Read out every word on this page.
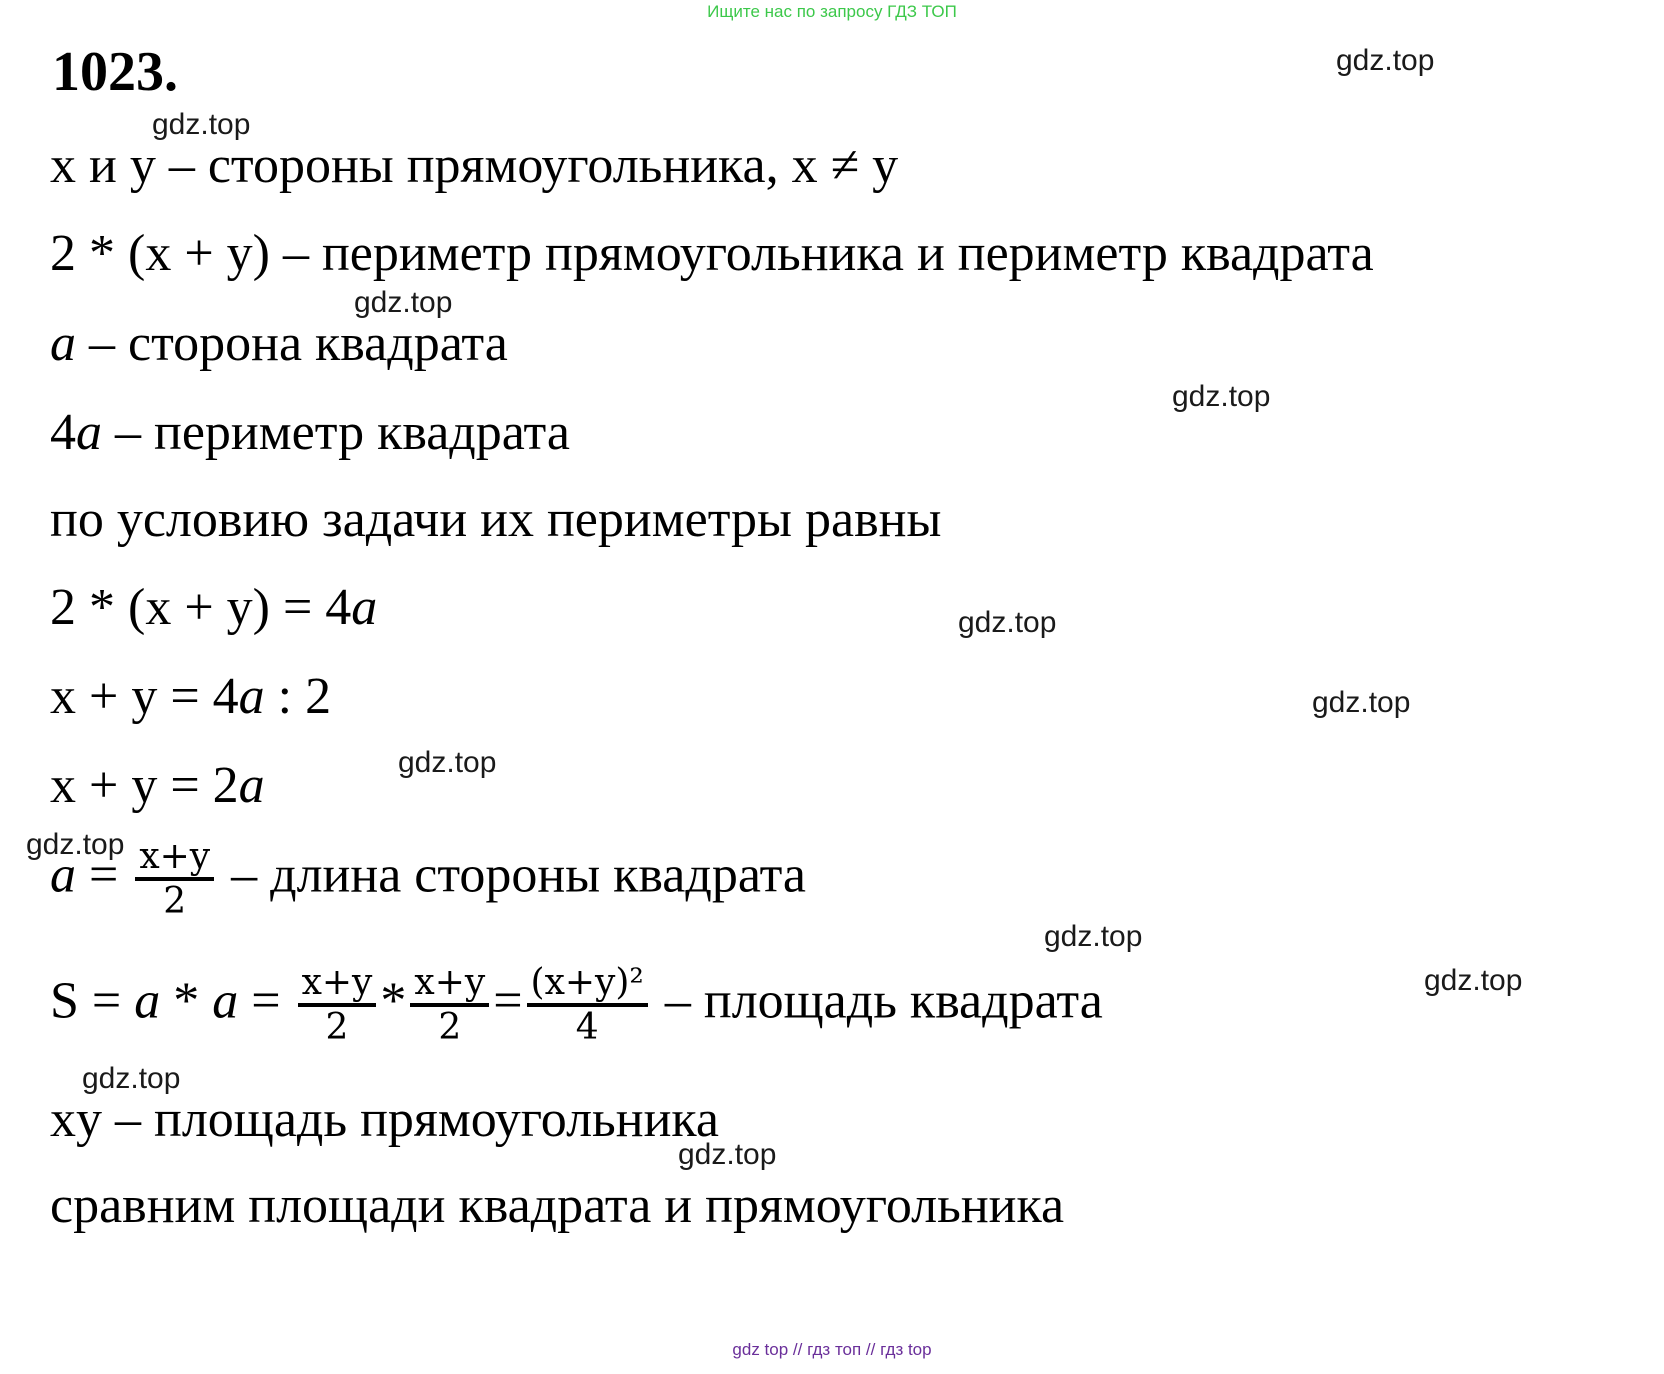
Ищите нас по запросу ГДЗ ТОП
1023.
x и y – стороны прямоугольника, x ≠ y
2 * (x + y) – периметр прямоугольника и периметр квадрата
a – сторона квадрата
4a – периметр квадрата
по условию задачи их периметры равны
2 * (x + y) = 4a
x + y = 4a : 2
x + y = 2a
$a = \frac{x+y}{2}$ – длина стороны квадрата
$S = a * a = \frac{x+y}{2} * \frac{x+y}{2} = \frac{\text{(x+y)²}}{4}$ – площадь квадрата
xy – площадь прямоугольника
сравним площади квадрата и прямоугольника
gdz.top
gdz.top
gdz.top
gdz.top
gdz.top
gdz.top
gdz.top
gdz.top
gdz.top
gdz.top
gdz.top
gdz.top
gdz top // гдз топ // гдз top
